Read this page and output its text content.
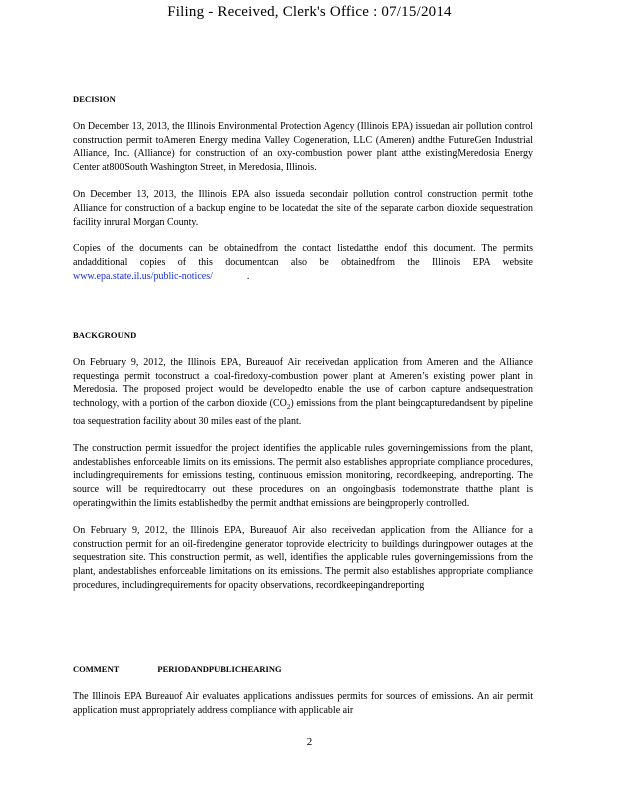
Filing - Received, Clerk's Office : 07/15/2014
DECISION

On December 13, 2013, the Illinois Environmental Protection Agency (Illinois EPA) issuedan air pollution control construction permit toAmeren Energy medina Valley Cogeneration, LLC (Ameren) andthe FutureGen Industrial Alliance, Inc. (Alliance) for construction of an oxy-combustion power plant atthe existingMeredosia Energy Center at800South Washington Street, in Meredosia, Illinois.

On December 13, 2013, the Illinois EPA also issueda secondair pollution control construction permit tothe Alliance for construction of a backup engine to be locatedat the site of the separate carbon dioxide sequestration facility inrural Morgan County.

Copies of the documents can be obtainedfrom the contact listedatthe endof this document. The permits andadditional copies of this documentcan also be obtainedfrom the Illinois EPA website www.epa.state.il.us/public-notices/	.

BACKGROUND

On February 9, 2012, the Illinois EPA, Bureauof Air receivedan application from Ameren and the Alliance requestinga permit toconstruct a coal-firedoxy-combustion power plant at Ameren’s existing power plant in Meredosia. The proposed project would be developedto enable the use of carbon capture andsequestration technology, with a portion of the carbon dioxide $(CO_2)$ emissions from the plant beingcapturedandsent by pipeline toa sequestration facility about 30 miles east of the plant.

The construction permit issuedfor the project identifies the applicable rules governingemissions from the plant, andestablishes enforceable limits on its emissions. The permit also establishes appropriate compliance procedures, includingrequirements for emissions testing, continuous emission monitoring, recordkeeping, andreporting. The source will be requiredtocarry out these procedures on an ongoingbasis todemonstrate thatthe plant is operatingwithin the limits establishedby the permit andthat emissions are beingproperly controlled.

On February 9, 2012, the Illinois EPA, Bureauof Air also receivedan application from the Alliance for a construction permit for an oil-firedengine generator toprovide electricity to buildings duringpower outages at the sequestration site. This construction permit, as well, identifies the applicable rules governingemissions from the plant, andestablishes enforceable limitations on its emissions. The permit also establishes appropriate compliance procedures, includingrequirements for opacity observations, recordkeepingandreporting

COMMENT	PERIODANDPUBLICHEARING

The Illinois EPA Bureauof Air evaluates applications andissues permits for sources of emissions. An air permit application must appropriately address compliance with applicable air

2
